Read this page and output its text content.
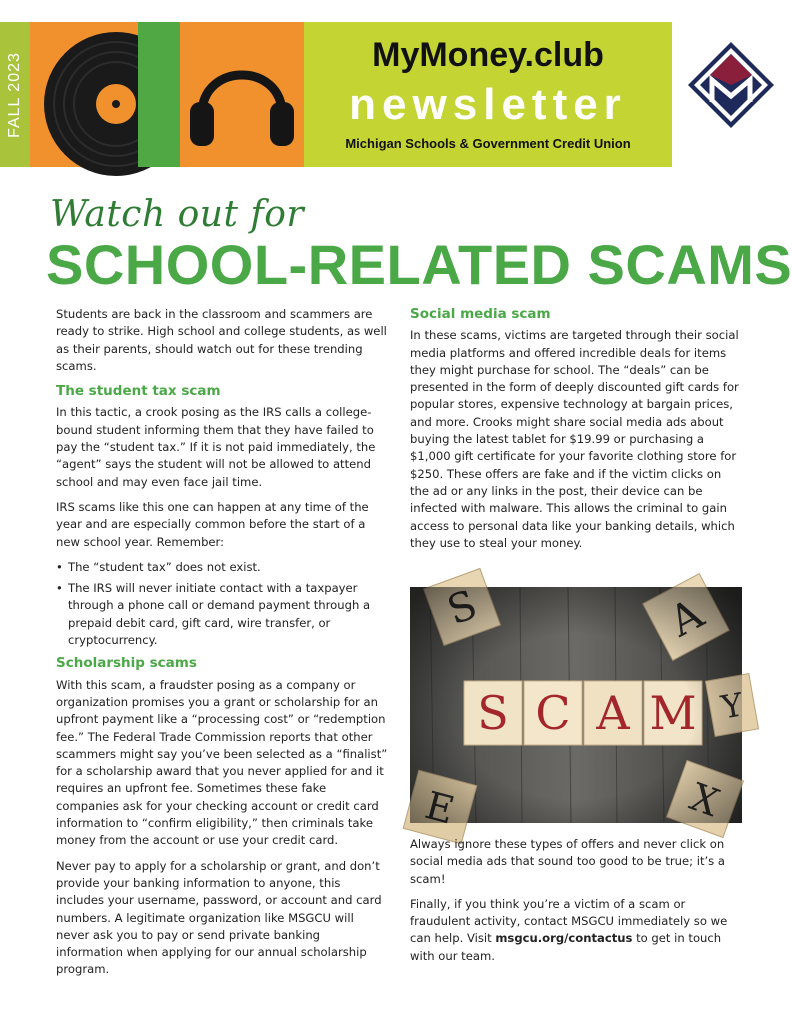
FALL 2023	MyMoney.club
newsletter
Michigan Schools & Government Credit Union
Watch out for
SCHOOL-RELATED SCAMS

Students are back in the classroom and scammers are ready to strike. High school and college students, as well as their parents, should watch out for these trending scams.

The student tax scam

In this tactic, a crook posing as the IRS calls a college-bound student informing them that they have failed to pay the “student tax.” If it is not paid immediately, the “agent” says the student will not be allowed to attend school and may even face jail time.

IRS scams like this one can happen at any time of the year and are especially common before the start of a new school year. Remember:

• The “student tax” does not exist.
• The IRS will never initiate contact with a taxpayer through a phone call or demand payment through a prepaid debit card, gift card, wire transfer, or cryptocurrency.
Scholarship scams

With this scam, a fraudster posing as a company or organization promises you a grant or scholarship for an upfront payment like a “processing cost” or “redemption fee.” The Federal Trade Commission reports that other scammers might say you’ve been selected as a “finalist” for a scholarship award that you never applied for and it requires an upfront fee. Sometimes these fake companies ask for your checking account or credit card information to “confirm eligibility,” then criminals take money from the account or use your credit card.

Never pay to apply for a scholarship or grant, and don’t provide your banking information to anyone, this includes your username, password, or account and card numbers. A legitimate organization like MSGCU will never ask you to pay or send private banking information when applying for our annual scholarship program.

Social media scam

In these scams, victims are targeted through their social media platforms and offered incredible deals for items they might purchase for school. The “deals” can be presented in the form of deeply discounted gift cards for popular stores, expensive technology at bargain prices, and more. Crooks might share social media ads about buying the latest tablet for $19.99 or purchasing a $1,000 gift certificate for your favorite clothing store for $250. These offers are fake and if the victim clicks on the ad or any links in the post, their device can be infected with malware. This allows the criminal to gain access to personal data like your banking details, which they use to steal your money.

Always ignore these types of offers and never click on social media ads that sound too good to be true; it’s a scam!

Finally, if you think you’re a victim of a scam or fraudulent activity, contact MSGCU immediately so we can help. Visit msgcu.org/contactus to get in touch with our team.
